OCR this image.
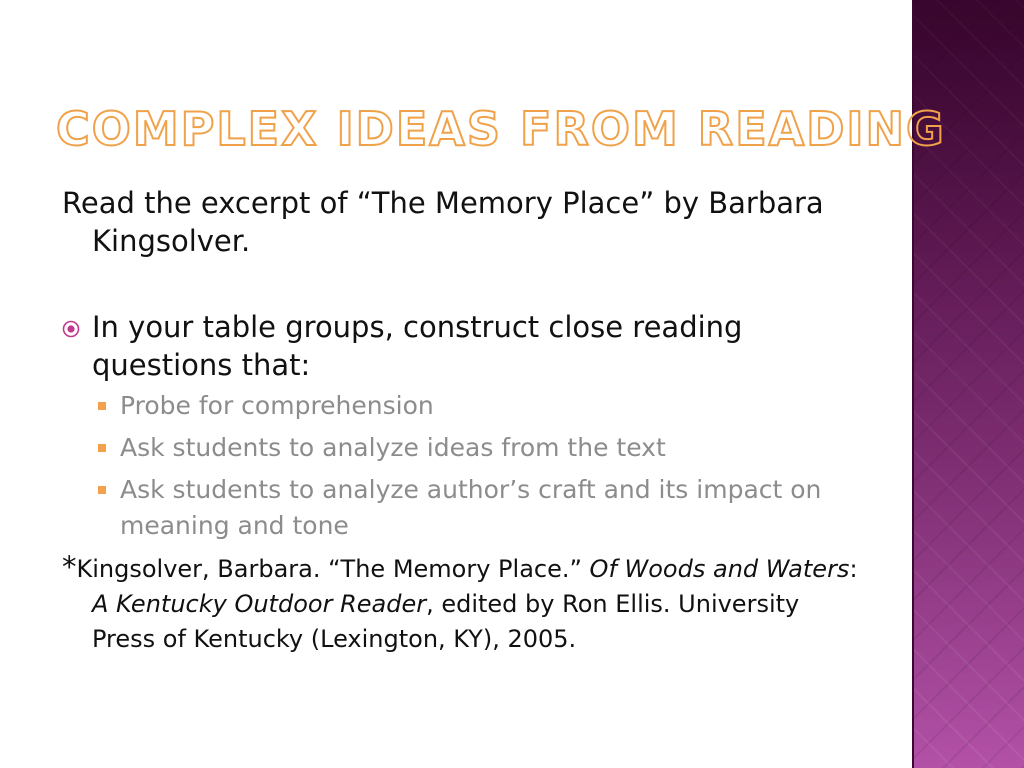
COMPLEX IDEAS FROM READING

Read the excerpt of “The Memory Place” by Barbara Kingsolver.

In your table groups, construct close reading questions that:
Probe for comprehension
Ask students to analyze ideas from the text
Ask students to analyze author’s craft and its impact on meaning and tone

*Kingsolver, Barbara. “The Memory Place.” Of Woods and Waters: A Kentucky Outdoor Reader, edited by Ron Ellis. University Press of Kentucky (Lexington, KY), 2005.
